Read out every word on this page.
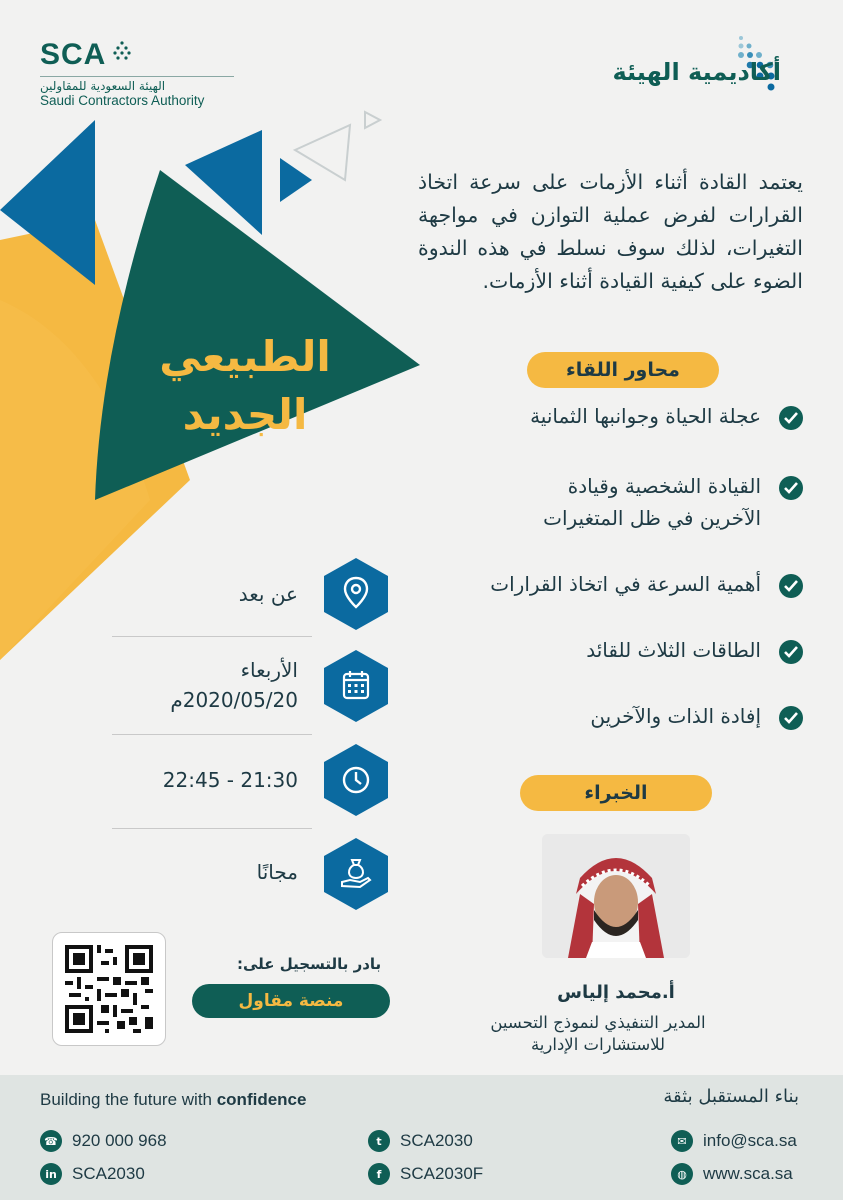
الطبيعي
الجديد
SCA
الهيئة السعودية للمقاولين
Saudi Contractors Authority
أكاديمية الهيئة
يعتمد القادة أثناء الأزمات على سرعة اتخاذ القرارات لفرض عملية التوازن في مواجهة التغيرات، لذلك سوف نسلط في هذه الندوة الضوء على كيفية القيادة أثناء الأزمات.
محاور اللقاء
عجلة الحياة وجوانبها الثمانية
القيادة الشخصية وقيادة الآخرين في ظل المتغيرات
أهمية السرعة في اتخاذ القرارات
الطاقات الثلاث للقائد
إفادة الذات والآخرين
الخبراء
أ.محمد إلياس
المدير التنفيذي لنموذج التحسين للاستشارات الإدارية
عن بعد
الأربعاء
2020/05/20م
21:30 - 22:45
مجانًا
بادر بالتسجيل على:
منصة مقاول
Building the future with confidence	بناء المستقبل بثقة
☎ 920 000 968
in SCA2030
t	SCA2030
f	SCA2030F
✉ info@sca.sa
◍ www.sca.sa
